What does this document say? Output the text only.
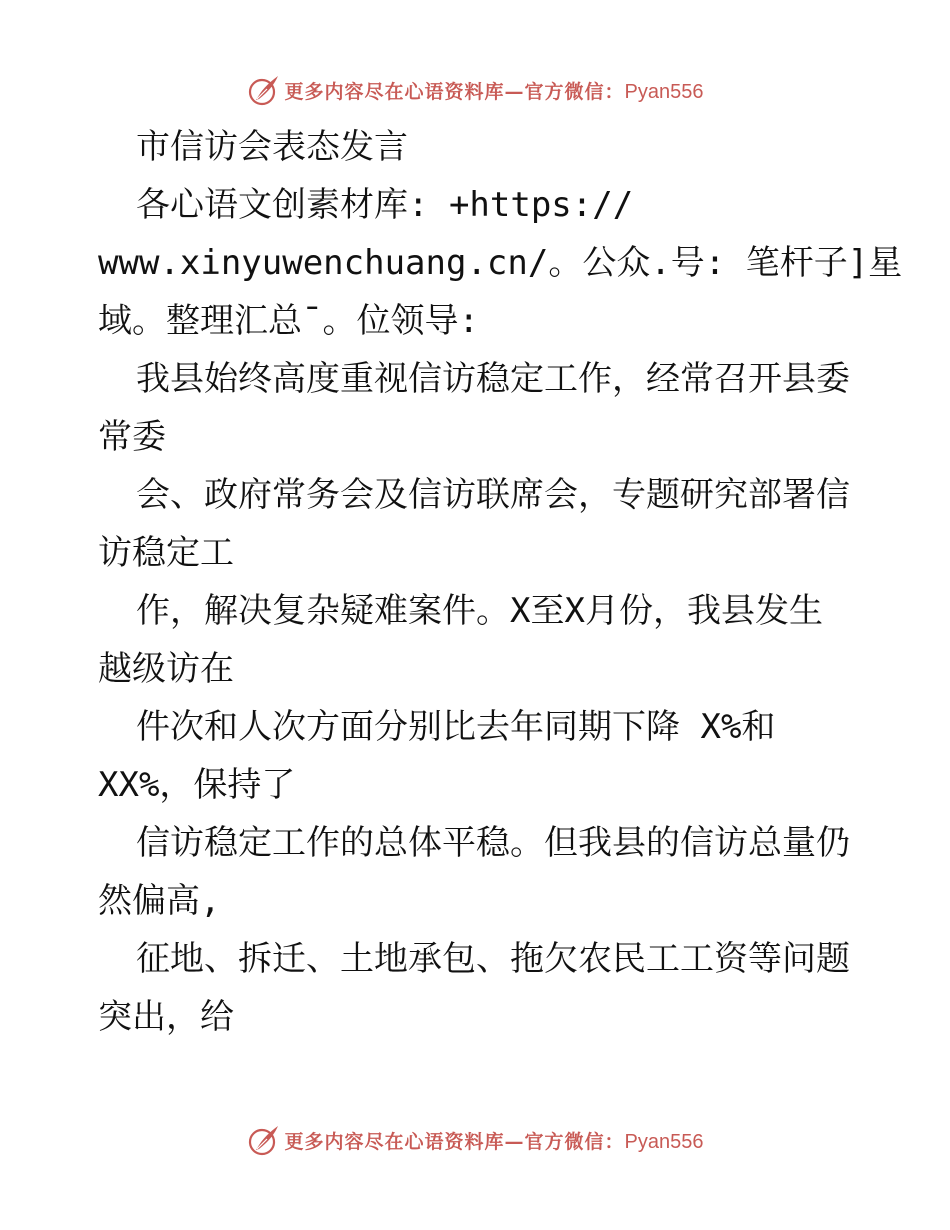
更多内容尽在心语资料库—官方微信：Pyan556
市信访会表态发言
各心语文创素材库: +https://
www.xinyuwenchuang.cn/。公众.号: 笔杆子]星
域。整理汇总¯。位领导:
我县始终高度重视信访稳定工作，经常召开县委
常委
会、政府常务会及信访联席会，专题研究部署信
访稳定工
作，解决复杂疑难案件。X至X月份，我县发生
越级访在
件次和人次方面分别比去年同期下降 X%和
XX%，保持了
信访稳定工作的总体平稳。但我县的信访总量仍
然偏高,
征地、拆迁、土地承包、拖欠农民工工资等问题
突出，给
更多内容尽在心语资料库—官方微信：Pyan556
